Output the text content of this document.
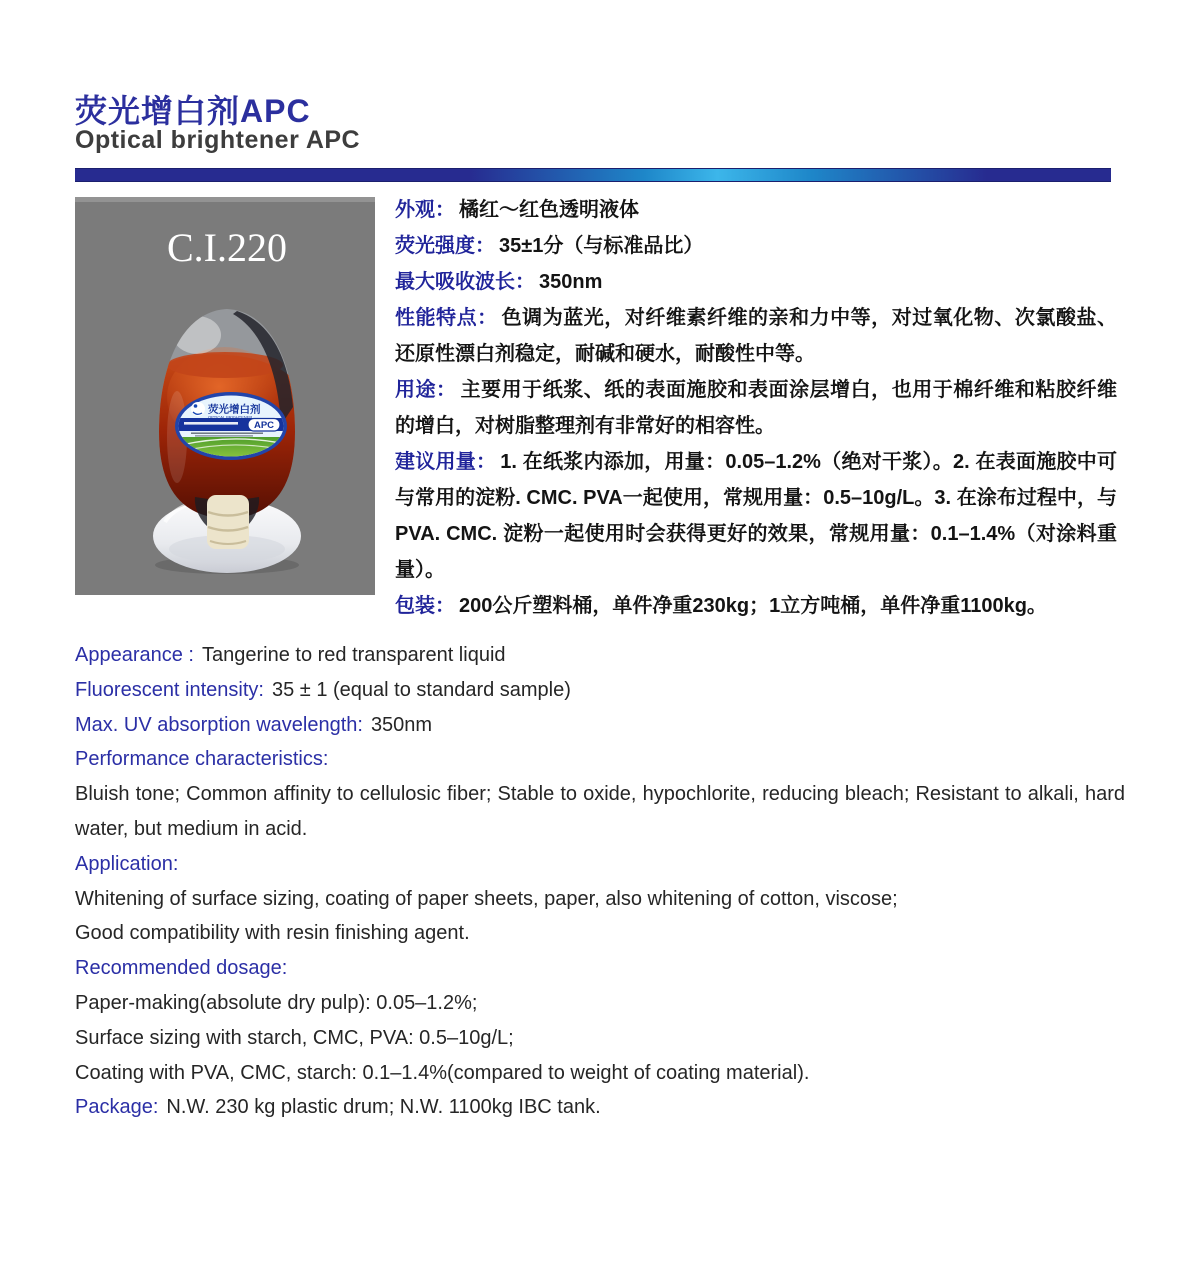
荧光增白剂APC
Optical brightener APC
C.I.220
荧光增白剂
OPTICAL BRIGHTENER
APC

外观： 橘红～红色透明液体

荧光强度： 35±1分（与标准品比）

最大吸收波长： 350nm

性能特点： 色调为蓝光，对纤维素纤维的亲和力中等，对过氧化物、次氯酸盐、还原性漂白剂稳定，耐碱和硬水，耐酸性中等。

用途： 主要用于纸浆、纸的表面施胶和表面涂层增白，也用于棉纤维和粘胶纤维的增白，对树脂整理剂有非常好的相容性。

建议用量： 1. 在纸浆内添加，用量：0.05–1.2%（绝对干浆）。2. 在表面施胶中可与常用的淀粉. CMC. PVA一起使用，常规用量：0.5–10g/L。3. 在涂布过程中，与PVA. CMC. 淀粉一起使用时会获得更好的效果，常规用量：0.1–1.4%（对涂料重量）。

包装： 200公斤塑料桶，单件净重230kg；1立方吨桶，单件净重1100kg。

Appearance : Tangerine to red transparent liquid

Fluorescent intensity: 35 ± 1 (equal to standard sample)

Max. UV absorption wavelength: 350nm

Performance characteristics:

Bluish tone; Common affinity to cellulosic fiber; Stable to oxide, hypochlorite, reducing bleach; Resistant to alkali, hard water, but medium in acid.

Application:

Whitening of surface sizing, coating of paper sheets, paper, also whitening of cotton, viscose;

Good compatibility with resin finishing agent.

Recommended dosage:

Paper-making(absolute dry pulp): 0.05–1.2%;

Surface sizing with starch, CMC, PVA: 0.5–10g/L;

Coating with PVA, CMC, starch: 0.1–1.4%(compared to weight of coating material).

Package: N.W. 230 kg plastic drum; N.W. 1100kg IBC tank.
